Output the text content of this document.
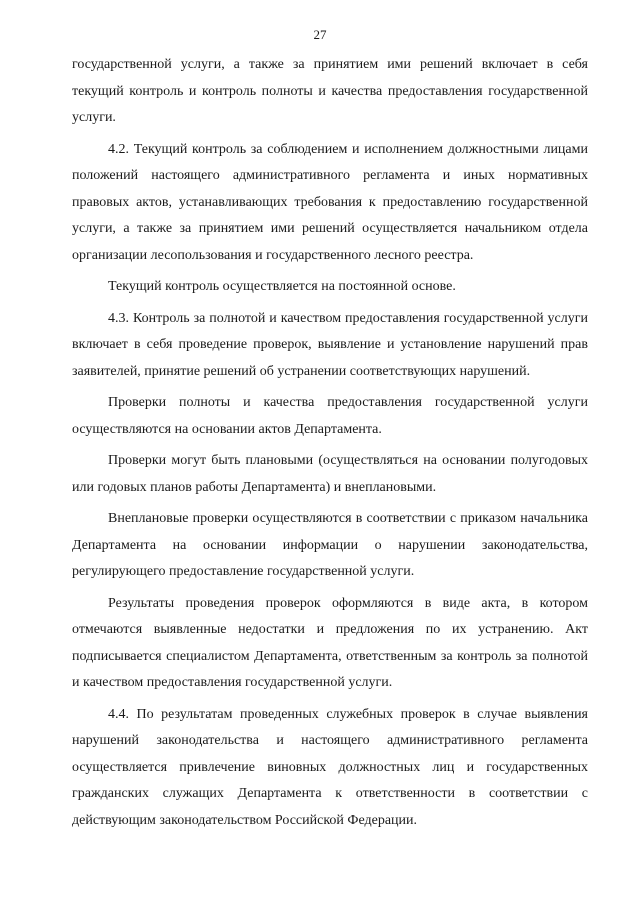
27

государственной услуги, а также за принятием ими решений включает в себя текущий контроль и контроль полноты и качества предоставления государственной услуги.

4.2. Текущий контроль за соблюдением и исполнением должностными лицами положений настоящего административного регламента и иных нормативных правовых актов, устанавливающих требования к предоставлению государственной услуги, а также за принятием ими решений осуществляется начальником отдела организации лесопользования и государственного лесного реестра.

Текущий контроль осуществляется на постоянной основе.

4.3. Контроль за полнотой и качеством предоставления государственной услуги включает в себя проведение проверок, выявление и установление нарушений прав заявителей, принятие решений об устранении соответствующих нарушений.

Проверки полноты и качества предоставления государственной услуги осуществляются на основании актов Департамента.

Проверки могут быть плановыми (осуществляться на основании полугодовых или годовых планов работы Департамента) и внеплановыми.

Внеплановые проверки осуществляются в соответствии с приказом начальника Департамента на основании информации о нарушении законодательства, регулирующего предоставление государственной услуги.

Результаты проведения проверок оформляются в виде акта, в котором отмечаются выявленные недостатки и предложения по их устранению. Акт подписывается специалистом Департамента, ответственным за контроль за полнотой и качеством предоставления государственной услуги.

4.4. По результатам проведенных служебных проверок в случае выявления нарушений законодательства и настоящего административного регламента осуществляется привлечение виновных должностных лиц и государственных гражданских служащих Департамента к ответственности в соответствии с действующим законодательством Российской Федерации.
